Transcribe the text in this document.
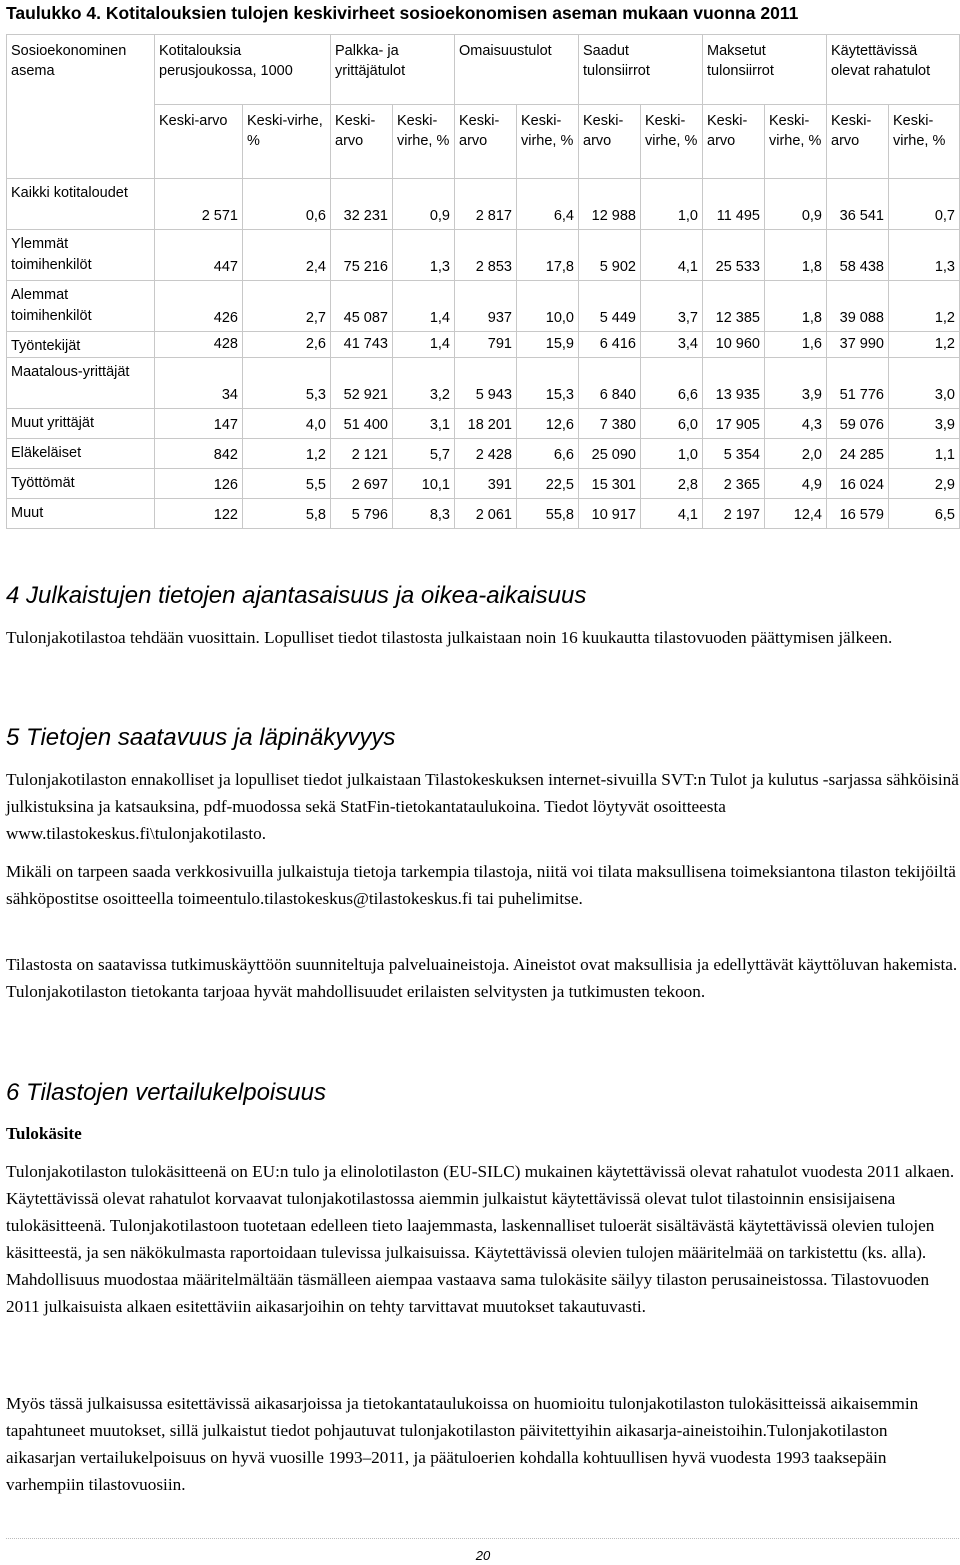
Taulukko 4. Kotitalouksien tulojen keskivirheet sosioekonomisen aseman mukaan vuonna 2011
Sosioekonominen asema	Kotitalouksia perusjoukossa, 1000		Palkka- ja yrittäjätulot		Omaisuustulot		Saadut tulonsiirrot		Maksetut tulonsiirrot		Käytettävissä olevat rahatulot	
	Keski-arvo	Keski-virhe, %	Keski-arvo	Keski-virhe, %	Keski-arvo	Keski-virhe, %	Keski-arvo	Keski-virhe, %	Keski-arvo	Keski-virhe, %	Keski-arvo	Keski-virhe, %
Kaikki kotitaloudet	2 571	0,6	32 231	0,9	2 817	6,4	12 988	1,0	11 495	0,9	36 541	0,7
Ylemmät toimihenkilöt	447	2,4	75 216	1,3	2 853	17,8	5 902	4,1	25 533	1,8	58 438	1,3
Alemmat toimihenkilöt	426	2,7	45 087	1,4	937	10,0	5 449	3,7	12 385	1,8	39 088	1,2
Työntekijät	428	2,6	41 743	1,4	791	15,9	6 416	3,4	10 960	1,6	37 990	1,2
Maatalous-yrittäjät	34	5,3	52 921	3,2	5 943	15,3	6 840	6,6	13 935	3,9	51 776	3,0
Muut yrittäjät	147	4,0	51 400	3,1	18 201	12,6	7 380	6,0	17 905	4,3	59 076	3,9
Eläkeläiset	842	1,2	2 121	5,7	2 428	6,6	25 090	1,0	5 354	2,0	24 285	1,1
Työttömät	126	5,5	2 697	10,1	391	22,5	15 301	2,8	2 365	4,9	16 024	2,9
Muut	122	5,8	5 796	8,3	2 061	55,8	10 917	4,1	2 197	12,4	16 579	6,5
4 Julkaistujen tietojen ajantasaisuus ja oikea-aikaisuus

Tulonjakotilastoa tehdään vuosittain. Lopulliset tiedot tilastosta julkaistaan noin 16 kuukautta tilastovuoden päättymisen jälkeen.

5 Tietojen saatavuus ja läpinäkyvyys

Tulonjakotilaston ennakolliset ja lopulliset tiedot julkaistaan Tilastokeskuksen internet-sivuilla SVT:n Tulot ja kulutus -sarjassa sähköisinä julkistuksina ja katsauksina, pdf-muodossa sekä StatFin-tietokantataulukoina. Tiedot löytyvät osoitteesta www.tilastokeskus.fi\tulonjakotilasto.

Mikäli on tarpeen saada verkkosivuilla julkaistuja tietoja tarkempia tilastoja, niitä voi tilata maksullisena toimeksiantona tilaston tekijöiltä sähköpostitse osoitteella toimeentulo.tilastokeskus@tilastokeskus.fi tai puhelimitse.

Tilastosta on saatavissa tutkimuskäyttöön suunniteltuja palveluaineistoja. Aineistot ovat maksullisia ja edellyttävät käyttöluvan hakemista. Tulonjakotilaston tietokanta tarjoaa hyvät mahdollisuudet erilaisten selvitysten ja tutkimusten tekoon.

6 Tilastojen vertailukelpoisuus
Tulokäsite

Tulonjakotilaston tulokäsitteenä on EU:n tulo ja elinolotilaston (EU-SILC) mukainen käytettävissä olevat rahatulot vuodesta 2011 alkaen. Käytettävissä olevat rahatulot korvaavat tulonjakotilastossa aiemmin julkaistut käytettävissä olevat tulot tilastoinnin ensisijaisena tulokäsitteenä. Tulonjakotilastoon tuotetaan edelleen tieto laajemmasta, laskennalliset tuloerät sisältävästä käytettävissä olevien tulojen käsitteestä, ja sen näkökulmasta raportoidaan tulevissa julkaisuissa. Käytettävissä olevien tulojen määritelmää on tarkistettu (ks. alla). Mahdollisuus muodostaa määritelmältään täsmälleen aiempaa vastaava sama tulokäsite säilyy tilaston perusaineistossa. Tilastovuoden 2011 julkaisuista alkaen esitettäviin aikasarjoihin on tehty tarvittavat muutokset takautuvasti.

Myös tässä julkaisussa esitettävissä aikasarjoissa ja tietokantataulukoissa on huomioitu tulonjakotilaston tulokäsitteissä aikaisemmin tapahtuneet muutokset, sillä julkaistut tiedot pohjautuvat tulonjakotilaston päivitettyihin aikasarja-aineistoihin.Tulonjakotilaston aikasarjan vertailukelpoisuus on hyvä vuosille 1993–2011, ja päätuloerien kohdalla kohtuullisen hyvä vuodesta 1993 taaksepäin varhempiin tilastovuosiin.

20
